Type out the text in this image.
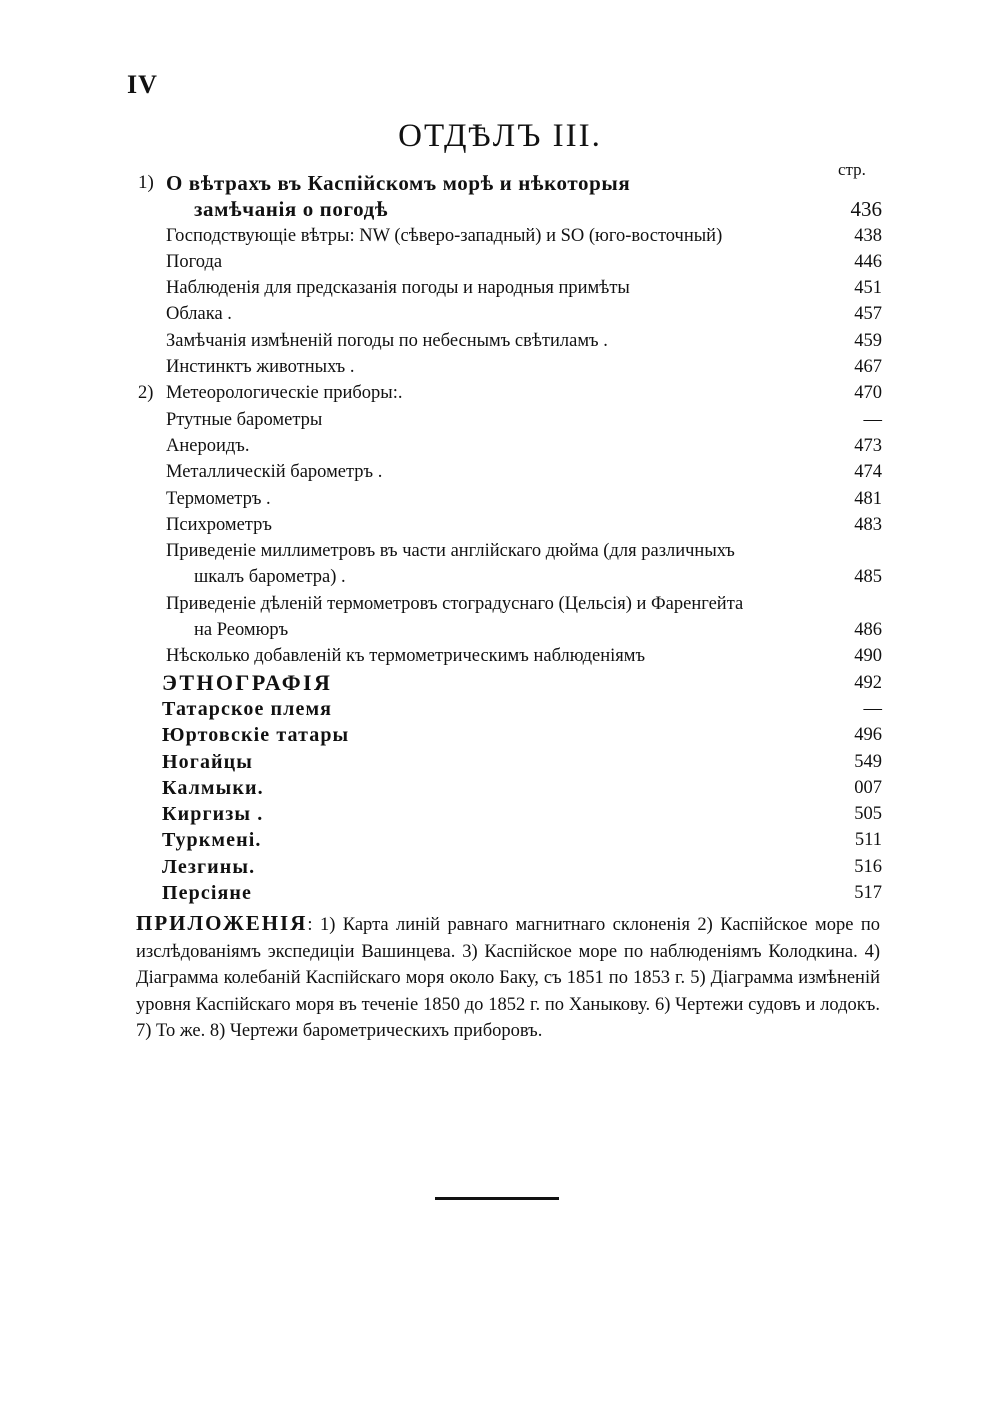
IV
ОТДѢЛЪ III.
стр.
1) О вѣтрахъ въ Каспійскомъ морѣ и нѣкоторыя
замѣчанія о погодѣ	436
Господствующіе вѣтры: NW (сѣверо-западный) и SO (юго-восточный)	438
Погода	446
Наблюденія для предсказанія погоды и народныя примѣты	451
Облака .	457
Замѣчанія измѣненій погоды по небеснымъ свѣтиламъ .	459
Инстинктъ животныхъ .	467
2) Метеорологическіе приборы:.	470
Ртутные барометры	—
Анероидъ.	473
Металлическій барометръ .	474
Термометръ .	481
Психрометръ	483
Приведеніе миллиметровъ въ части англійскаго дюйма (для различныхъ
шкалъ барометра) .	485
Приведеніе дѣленій термометровъ стоградуснаго (Цельсія) и Фаренгейта
на Реомюръ	486
Нѣсколько добавленій къ термометрическимъ наблюденіямъ	490
ЭТНОГРАФІЯ	492
Татарское племя	—
Юртовскіе татары	496
Ногайцы	549
Калмыки.	007
Киргизы .	505
Туркмені.	511
Лезгины.	516
Персіяне	517
ПРИЛОЖЕНІЯ: 1) Карта линій равнаго магнитнаго склоненія 2) Каспійское море по изслѣдованіямъ экспедиціи Вашинцева. 3) Каспійское море по наблюденіямъ Колодкина. 4) Діаграмма колебаній Каспійскаго моря около Баку, съ 1851 по 1853 г. 5) Діаграмма измѣненій уровня Каспійскаго моря въ теченіе 1850 до 1852 г. по Ханыкову. 6) Чертежи судовъ и лодокъ. 7) То же. 8) Чертежи барометрическихъ приборовъ.
